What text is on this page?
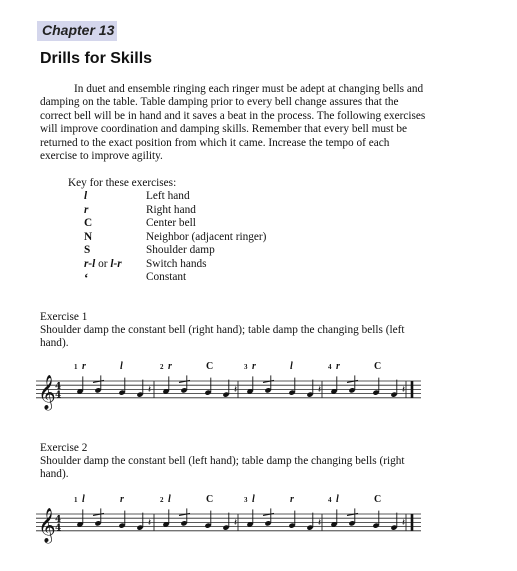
Chapter 13
Drills for Skills
In duet and ensemble ringing each ringer must be adept at changing bells and
damping on the table. Table damping prior to every bell change assures that the
correct bell will be in hand and it saves a beat in the process. The following exercises
will improve coordination and damping skills. Remember that every bell must be
returned to the exact position from which it came. Increase the tempo of each
exercise to improve agility.
Key for these exercises:
l	Left hand
r	Right hand
C	Center bell
N	Neighbor (adjacent ringer)
S	Shoulder damp
r-l or l-r	Switch hands
‘	Constant
Exercise 1
Shoulder damp the constant bell (right hand); table damp the changing bells (left
hand).
𝄞 4
4	𝄽	𝄽	𝄽	𝄽
1 r	l	2 r	C	3 r	l	4 r	C
Exercise 2
Shoulder damp the constant bell (left hand); table damp the changing bells (right
hand).
𝄞 4
4	𝄽	𝄽	𝄽	𝄽
1 l	r	2 l	C	3 l	r	4 l	C
